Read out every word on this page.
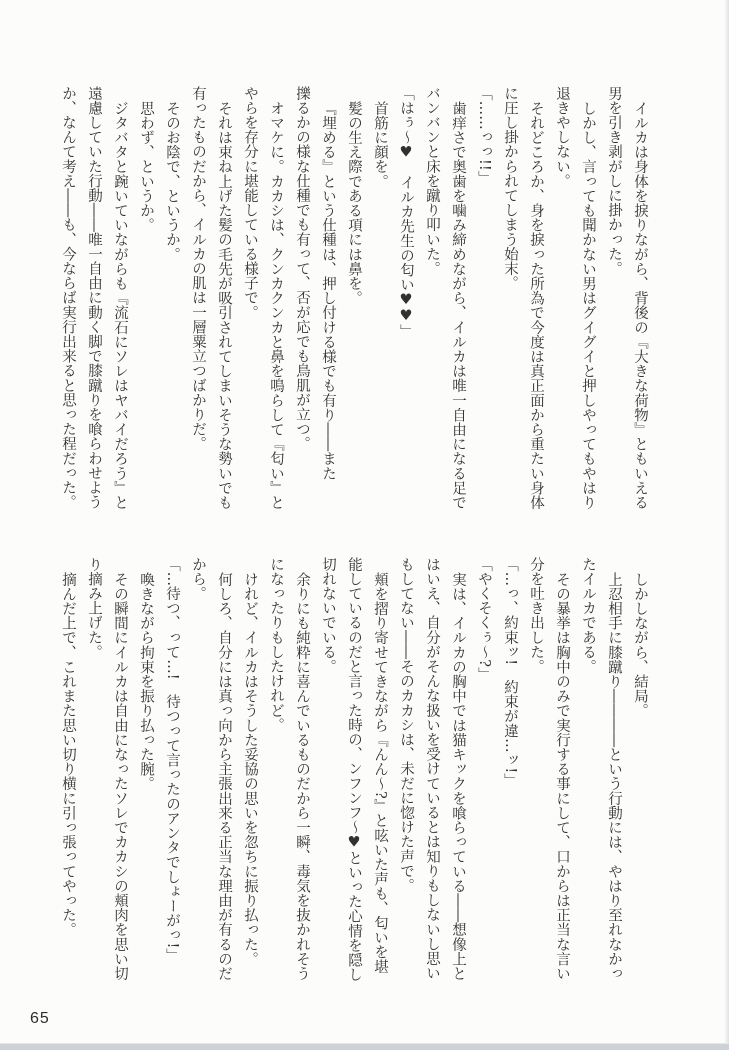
イルカは身体を捩りながら、背後の『大きな荷物』ともいえる
男を引き剥がしに掛かった。
しかし、言っても聞かない男はグイグイと押しやってもやはり
退きやしない。
それどころか、身を捩った所為で今度は真正面から重たい身体
に圧し掛かられてしまう始末。
「……っっ!!」
歯痒さで奥歯を噛み締めながら、イルカは唯一自由になる足で
バンバンと床を蹴り叩いた。
「はぅ～♥　イルカ先生の匂い♥♥」
首筋に顔を。
髪の生え際である項には鼻を。
『埋める』という仕種は、押し付ける様でも有り――また
擽るかの様な仕種でも有って、否が応でも鳥肌が立つ。
オマケに。カカシは、クンカクンカと鼻を鳴らして『匂い』と
やらを存分に堪能している様子で。
それは束ね上げた髪の毛先が吸引されてしまいそうな勢いでも
有ったものだから、イルカの肌は一層粟立つばかりだ。
そのお陰で、というか。
思わず、というか。
ジタバタと踠いていながらも『流石にソレはヤバイだろう』と
遠慮していた行動――唯一自由に動く脚で膝蹴りを喰らわせよう
か、なんて考え――も、今ならば実行出来ると思った程だった。
しかしながら、結局。
上忍相手に膝蹴り――――という行動には、やはり至れなかっ
たイルカである。
その暴挙は胸中のみで実行する事にして、口からは正当な言い
分を吐き出した。
「…っ、約束ッ!　約束が違…ッ!」
「やくそくぅ～?」
実は、イルカの胸中では猫キックを喰らっている――想像上と
はいえ、自分がそんな扱いを受けているとは知りもしないし思い
もしてない――そのカカシは、未だに惚けた声で。
頬を摺り寄せてきながら『んん～?』と呟いた声も、匂いを堪
能しているのだと言った時の、ンフンフ～♥といった心情を隠し
切れないでいる。
余りにも純粋に喜んでいるものだから一瞬、毒気を抜かれそう
になったりもしたけれど。
けれど、イルカはそうした妥協の思いを忽ちに振り払った。
何しろ、自分には真っ向から主張出来る正当な理由が有るのだ
から。
「…待つ、って…!　待つって言ったのアンタでしょーがっ!」
喚きながら拘束を振り払った腕。
その瞬間にイルカは自由になったソレでカカシの頬肉を思い切
り摘み上げた。
摘んだ上で、これまた思い切り横に引っ張ってやった。
65
